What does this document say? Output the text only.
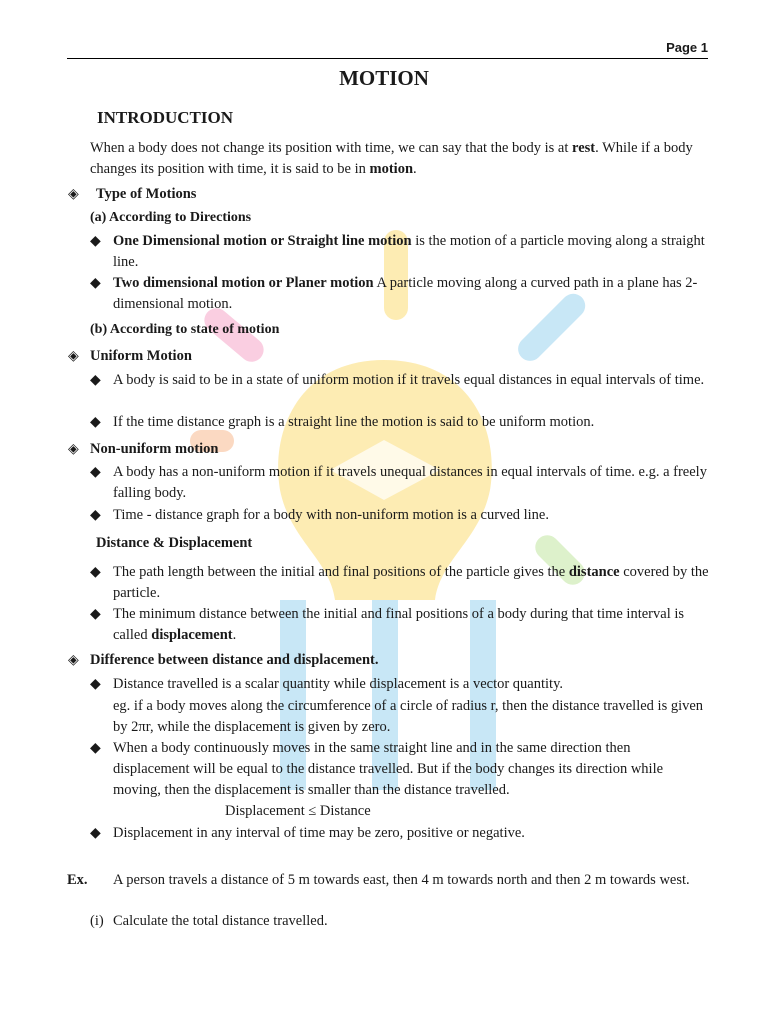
Page 1
MOTION
INTRODUCTION
When a body does not change its position with time, we can say that the body is at rest. While if a body changes its position with time, it is said to be in motion.
◈ Type of Motions
(a) According to Directions
◆ One Dimensional motion or Straight line motion is the motion of a particle moving along a straight line.
◆ Two dimensional motion or Planer motion A particle moving along a curved path in a plane has 2-dimensional motion.
(b) According to state of motion
◈ Uniform Motion
◆ A body is said to be in a state of uniform motion if it travels equal distances in equal intervals of time.
◆ If the time distance graph is a straight line the motion is said to be uniform motion.
◈ Non-uniform motion
◆ A body has a non-uniform motion if it travels unequal distances in equal intervals of time. e.g. a freely falling body.
◆ Time - distance graph for a body with non-uniform motion is a curved line.
Distance & Displacement
◆ The path length between the initial and final positions of the particle gives the distance covered by the particle.
◆ The minimum distance between the initial and final positions of a body during that time interval is called displacement.
◈ Difference between distance and displacement.
◆ Distance travelled is a scalar quantity while displacement is a vector quantity.
eg. if a body moves along the circumference of a circle of radius r, then the distance travelled is given by 2πr, while the displacement is given by zero.
◆ When a body continuously moves in the same straight line and in the same direction then displacement will be equal to the distance travelled. But if the body changes its direction while moving, then the displacement is smaller than the distance travelled.
Displacement ≤ Distance
◆ Displacement in any interval of time may be zero, positive or negative.
Ex. A person travels a distance of 5 m towards east, then 4 m towards north and then 2 m towards west.
(i) Calculate the total distance travelled.
